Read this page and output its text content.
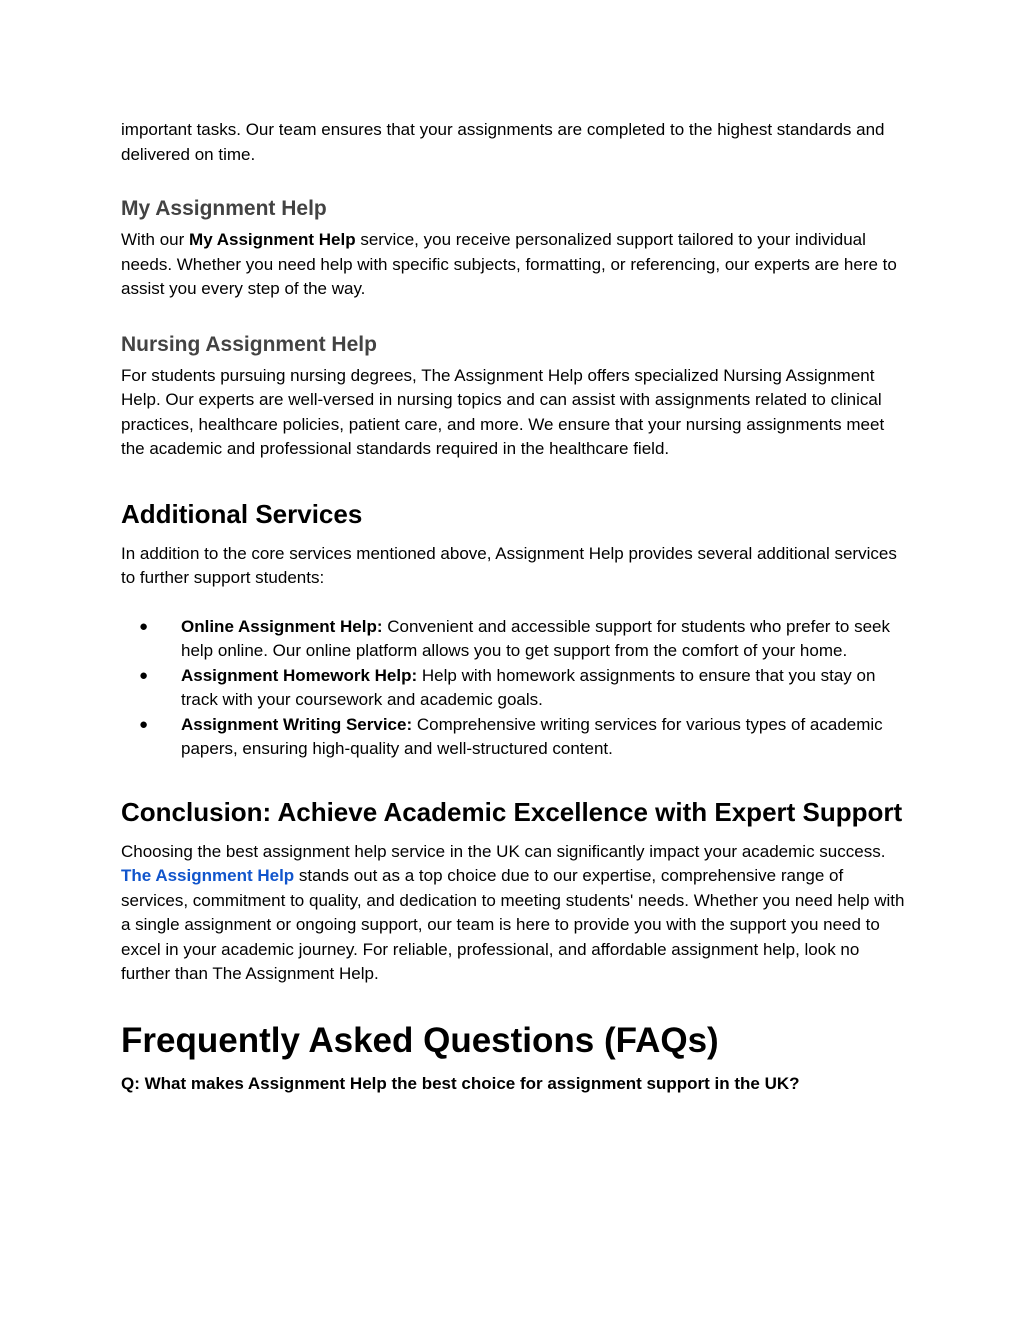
important tasks. Our team ensures that your assignments are completed to the highest standards and delivered on time.

My Assignment Help

With our My Assignment Help service, you receive personalized support tailored to your individual needs. Whether you need help with specific subjects, formatting, or referencing, our experts are here to assist you every step of the way.

Nursing Assignment Help

For students pursuing nursing degrees, The Assignment Help offers specialized Nursing Assignment Help. Our experts are well-versed in nursing topics and can assist with assignments related to clinical practices, healthcare policies, patient care, and more. We ensure that your nursing assignments meet the academic and professional standards required in the healthcare field.

Additional Services

In addition to the core services mentioned above, Assignment Help provides several additional services to further support students:

● Online Assignment Help: Convenient and accessible support for students who prefer to seek help online. Our online platform allows you to get support from the comfort of your home.
● Assignment Homework Help: Help with homework assignments to ensure that you stay on track with your coursework and academic goals.
● Assignment Writing Service: Comprehensive writing services for various types of academic papers, ensuring high-quality and well-structured content.
Conclusion: Achieve Academic Excellence with Expert Support

Choosing the best assignment help service in the UK can significantly impact your academic success. The Assignment Help stands out as a top choice due to our expertise, comprehensive range of services, commitment to quality, and dedication to meeting students' needs. Whether you need help with a single assignment or ongoing support, our team is here to provide you with the support you need to excel in your academic journey. For reliable, professional, and affordable assignment help, look no further than The Assignment Help.

Frequently Asked Questions (FAQs)

Q: What makes Assignment Help the best choice for assignment support in the UK?
